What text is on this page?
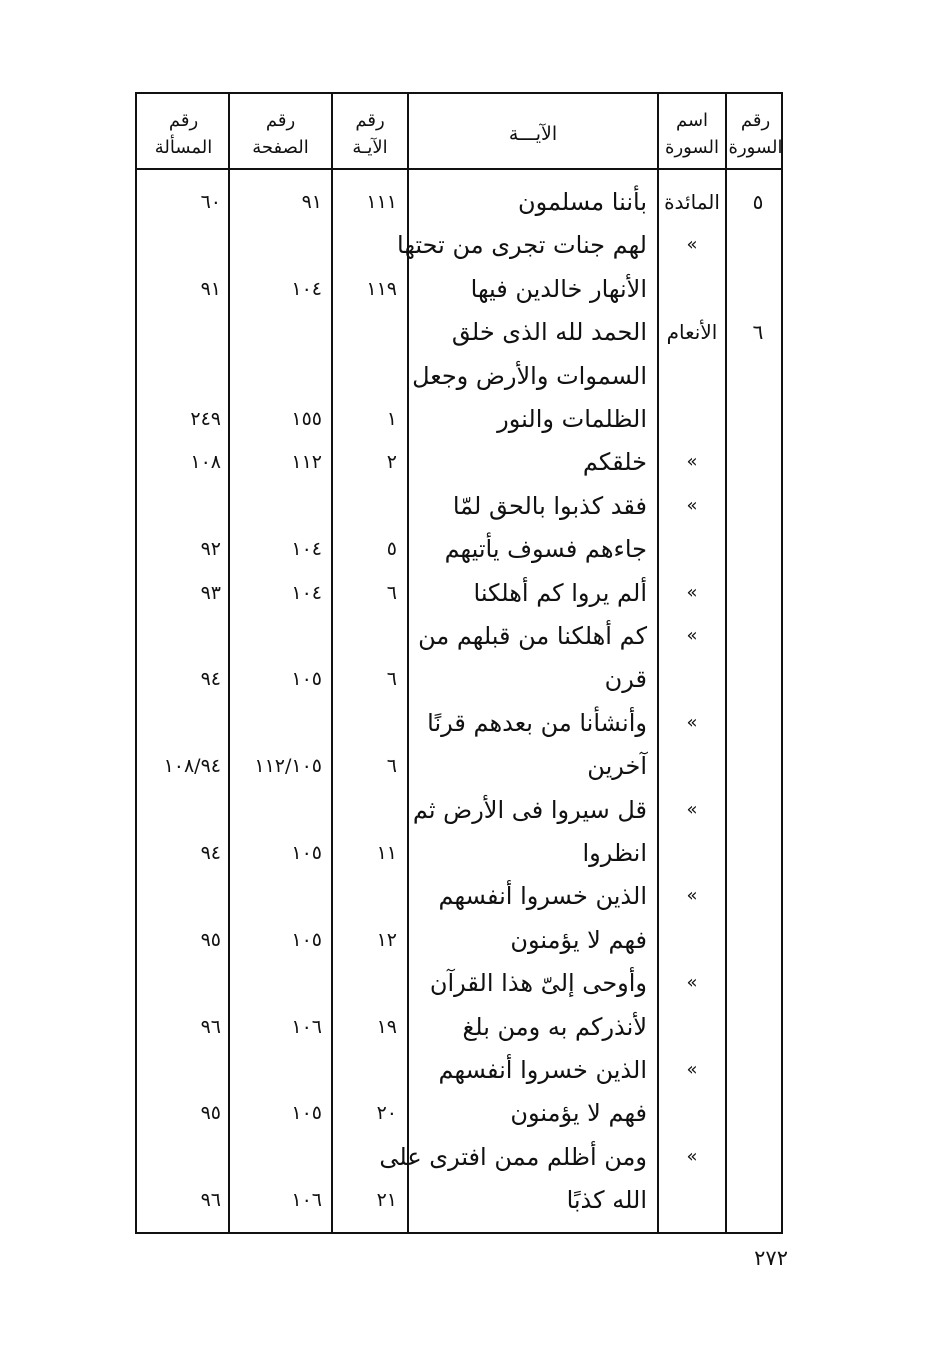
رقم
السورة
اسم
السورة
الآيـــة
رقم
الآيـة
رقم
الصفحة
رقم
المسألة
٥
المائدة
بأننا مسلمون
١١١
٩١
٦٠
»
لهم جنات تجرى من تحتها
الأنهار خالدين فيها
١١٩
١٠٤
٩١
٦
الأنعام
الحمد لله الذى خلق
السموات والأرض وجعل
الظلمات والنور
١
١٥٥
٢٤٩
»
خلقكم
٢
١١٢
١٠٨
»
فقد كذبوا بالحق لمّا
جاءهم فسوف يأتيهم
٥
١٠٤
٩٢
»
ألم يروا كم أهلكنا
٦
١٠٤
٩٣
»
كم أهلكنا من قبلهم من
قرن
٦
١٠٥
٩٤
»
وأنشأنا من بعدهم قرنًا
آخرين
٦
١١٢/١٠٥
١٠٨/٩٤
»
قل سيروا فى الأرض ثم
انظروا
١١
١٠٥
٩٤
»
الذين خسروا أنفسهم
فهم لا يؤمنون
١٢
١٠٥
٩٥
»
وأوحى إلىّ هذا القرآن
لأنذركم به ومن بلغ
١٩
١٠٦
٩٦
»
الذين خسروا أنفسهم
فهم لا يؤمنون
٢٠
١٠٥
٩٥
»
ومن أظلم ممن افترى على
الله كذبًا
٢١
١٠٦
٩٦
٢٧٢
